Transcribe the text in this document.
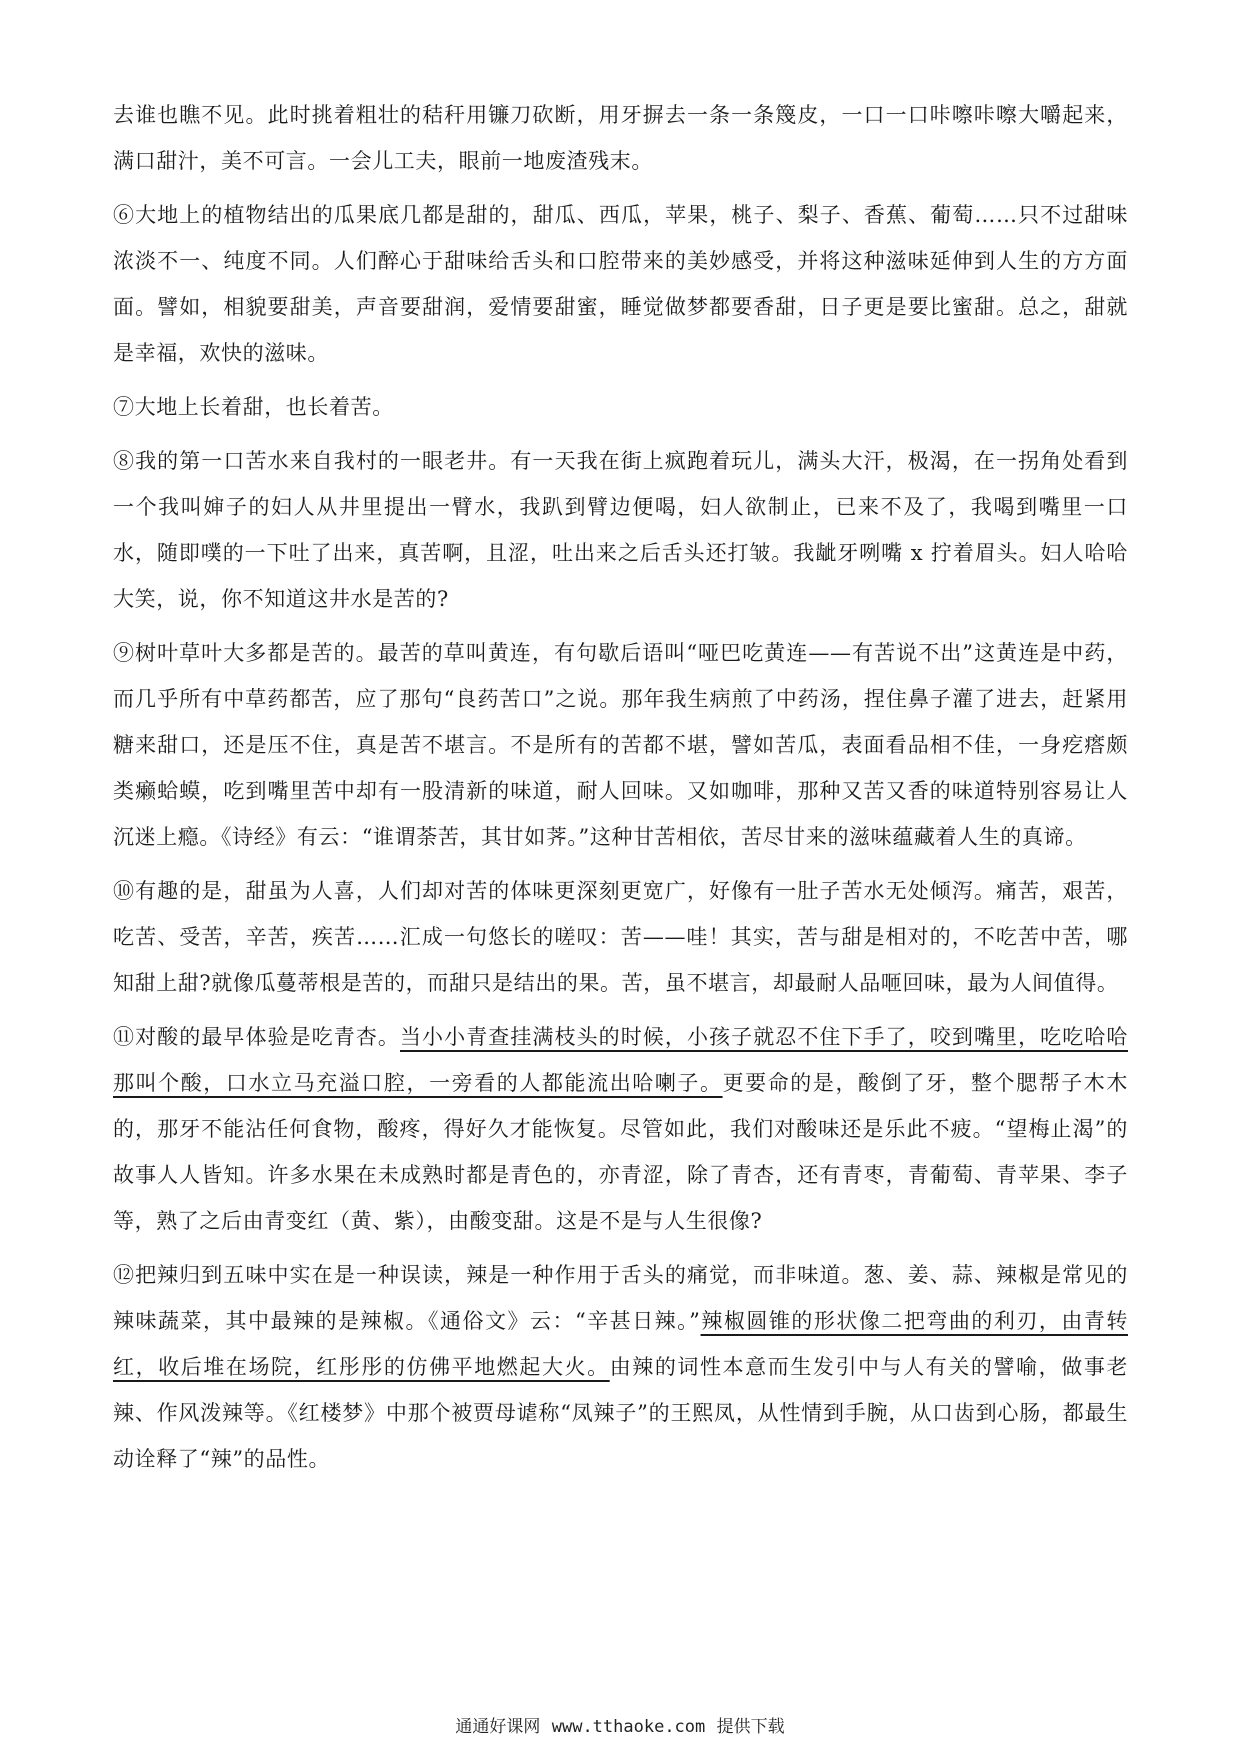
去谁也瞧不见。此时挑着粗壮的秸秆用镰刀砍断，用牙摒去一条一条篾皮，一口一口咔嚓咔嚓大嚼起来，满口甜汁，美不可言。一会儿工夫，眼前一地废渣残末。

⑥大地上的植物结出的瓜果底几都是甜的，甜瓜、西瓜，苹果，桃子、梨子、香蕉、葡萄……只不过甜味浓淡不一、纯度不同。人们醉心于甜味给舌头和口腔带来的美妙感受，并将这种滋味延伸到人生的方方面面。譬如，相貌要甜美，声音要甜润，爱情要甜蜜，睡觉做梦都要香甜，日子更是要比蜜甜。总之，甜就是幸福，欢快的滋味。

⑦大地上长着甜，也长着苦。

⑧我的第一口苦水来自我村的一眼老井。有一天我在街上疯跑着玩儿，满头大汗，极渴，在一拐角处看到一个我叫婶子的妇人从井里提出一臂水，我趴到臂边便喝，妇人欲制止，已来不及了，我喝到嘴里一口水，随即噗的一下吐了出来，真苦啊，且涩，吐出来之后舌头还打皱。我龇牙咧嘴 x 拧着眉头。妇人哈哈大笑，说，你不知道这井水是苦的?

⑨树叶草叶大多都是苦的。最苦的草叫黄连，有句歇后语叫“哑巴吃黄连——有苦说不出”这黄连是中药，而几乎所有中草药都苦，应了那句“良药苦口”之说。那年我生病煎了中药汤，捏住鼻子灌了进去，赶紧用糖来甜口，还是压不住，真是苦不堪言。不是所有的苦都不堪，譬如苦瓜，表面看品相不佳，一身疙瘩颇类癞蛤蟆，吃到嘴里苦中却有一股清新的味道，耐人回味。又如咖啡，那种又苦又香的味道特别容易让人沉迷上瘾。《诗经》有云：“谁谓荼苦，其甘如荠。”这种甘苦相依，苦尽甘来的滋味蕴藏着人生的真谛。

⑩有趣的是，甜虽为人喜，人们却对苦的体味更深刻更宽广，好像有一肚子苦水无处倾泻。痛苦，艰苦，吃苦、受苦，辛苦，疾苦……汇成一句悠长的嗟叹：苦——哇！其实，苦与甜是相对的，不吃苦中苦，哪知甜上甜?就像瓜蔓蒂根是苦的，而甜只是结出的果。苦，虽不堪言，却最耐人品咂回味，最为人间值得。

⑪对酸的最早体验是吃青杏。当小小青查挂满枝头的时候，小孩子就忍不住下手了，咬到嘴里，吃吃哈哈那叫个酸，口水立马充溢口腔，一旁看的人都能流出哈喇子。更要命的是，酸倒了牙，整个腮帮子木木的，那牙不能沾任何食物，酸疼，得好久才能恢复。尽管如此，我们对酸味还是乐此不疲。“望梅止渴”的故事人人皆知。许多水果在未成熟时都是青色的，亦青涩，除了青杏，还有青枣，青葡萄、青苹果、李子等，熟了之后由青变红（黄、紫），由酸变甜。这是不是与人生很像?

⑫把辣归到五味中实在是一种误读，辣是一种作用于舌头的痛觉，而非味道。葱、姜、蒜、辣椒是常见的辣味蔬菜，其中最辣的是辣椒。《通俗文》云：“辛甚日辣。”辣椒圆锥的形状像二把弯曲的利刃，由青转红，收后堆在场院，红彤彤的仿佛平地燃起大火。由辣的词性本意而生发引中与人有关的譬喻，做事老辣、作风泼辣等。《红楼梦》中那个被贾母谑称“凤辣子”的王熙凤，从性情到手腕，从口齿到心肠，都最生动诠释了“辣”的品性。

通通好课网 www.tthaoke.com 提供下载
